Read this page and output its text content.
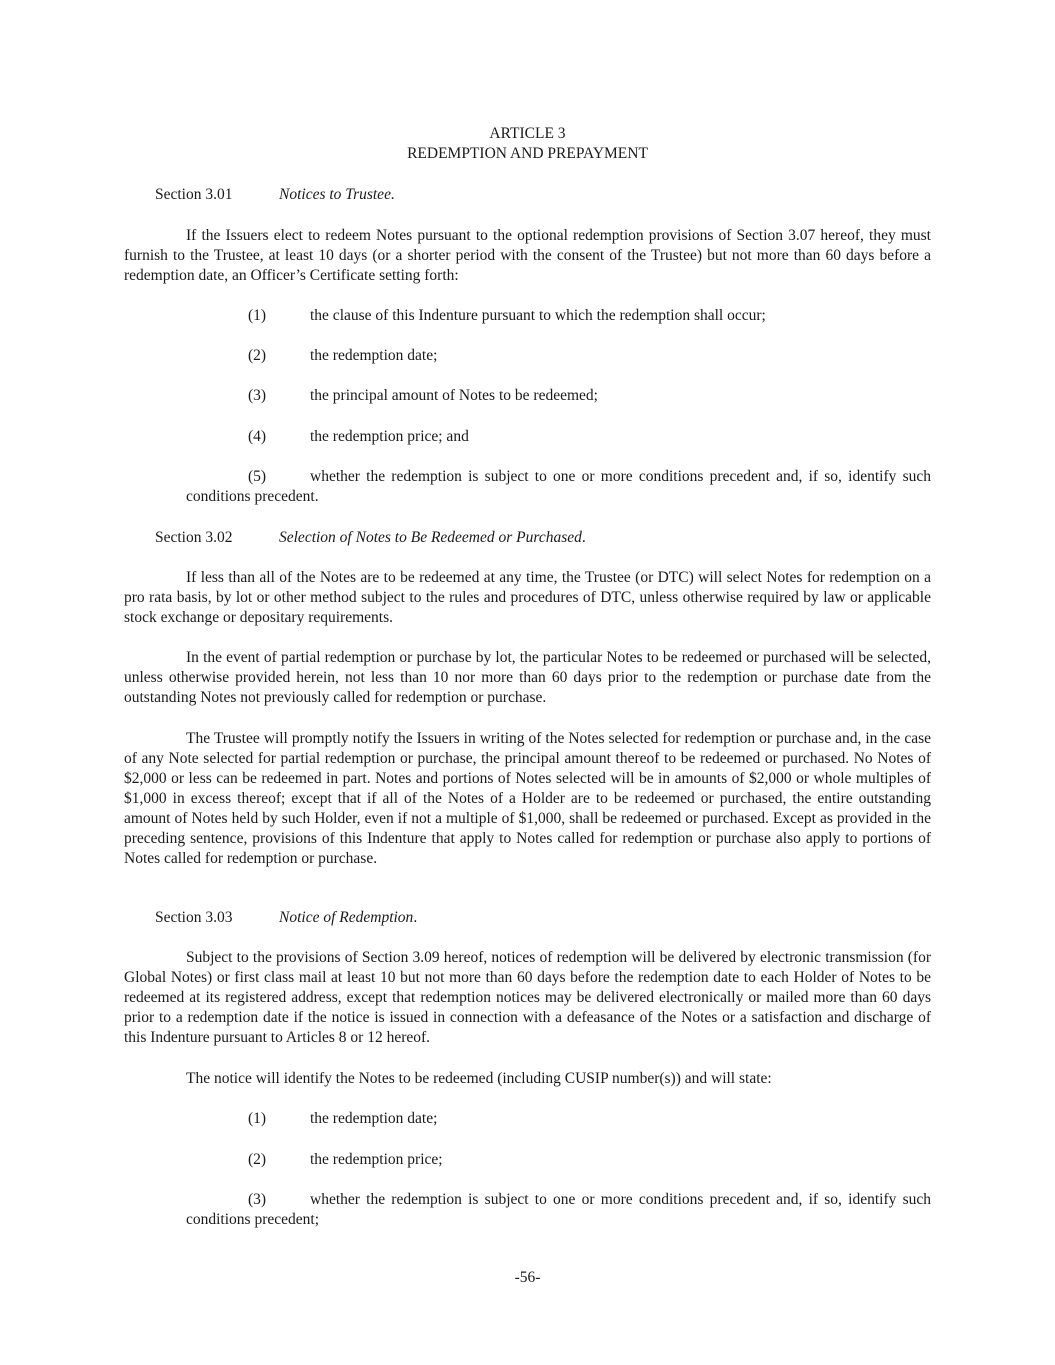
ARTICLE 3
REDEMPTION AND PREPAYMENT
Section 3.01	Notices to Trustee.
If the Issuers elect to redeem Notes pursuant to the optional redemption provisions of Section 3.07 hereof, they must furnish to the Trustee, at least 10 days (or a shorter period with the consent of the Trustee) but not more than 60 days before a redemption date, an Officer’s Certificate setting forth:
(1)	the clause of this Indenture pursuant to which the redemption shall occur;
(2)	the redemption date;
(3)	the principal amount of Notes to be redeemed;
(4)	the redemption price; and
(5)	whether the redemption is subject to one or more conditions precedent and, if so, identify such conditions precedent.
Section 3.02	Selection of Notes to Be Redeemed or Purchased.
If less than all of the Notes are to be redeemed at any time, the Trustee (or DTC) will select Notes for redemption on a pro rata basis, by lot or other method subject to the rules and procedures of DTC, unless otherwise required by law or applicable stock exchange or depositary requirements.
In the event of partial redemption or purchase by lot, the particular Notes to be redeemed or purchased will be selected, unless otherwise provided herein, not less than 10 nor more than 60 days prior to the redemption or purchase date from the outstanding Notes not previously called for redemption or purchase.
The Trustee will promptly notify the Issuers in writing of the Notes selected for redemption or purchase and, in the case of any Note selected for partial redemption or purchase, the principal amount thereof to be redeemed or purchased. No Notes of $2,000 or less can be redeemed in part. Notes and portions of Notes selected will be in amounts of $2,000 or whole multiples of $1,000 in excess thereof; except that if all of the Notes of a Holder are to be redeemed or purchased, the entire outstanding amount of Notes held by such Holder, even if not a multiple of $1,000, shall be redeemed or purchased. Except as provided in the preceding sentence, provisions of this Indenture that apply to Notes called for redemption or purchase also apply to portions of Notes called for redemption or purchase.
Section 3.03	Notice of Redemption.
Subject to the provisions of Section 3.09 hereof, notices of redemption will be delivered by electronic transmission (for Global Notes) or first class mail at least 10 but not more than 60 days before the redemption date to each Holder of Notes to be redeemed at its registered address, except that redemption notices may be delivered electronically or mailed more than 60 days prior to a redemption date if the notice is issued in connection with a defeasance of the Notes or a satisfaction and discharge of this Indenture pursuant to Articles 8 or 12 hereof.
The notice will identify the Notes to be redeemed (including CUSIP number(s)) and will state:
(1)	the redemption date;
(2)	the redemption price;
(3)	whether the redemption is subject to one or more conditions precedent and, if so, identify such conditions precedent;
-56-
